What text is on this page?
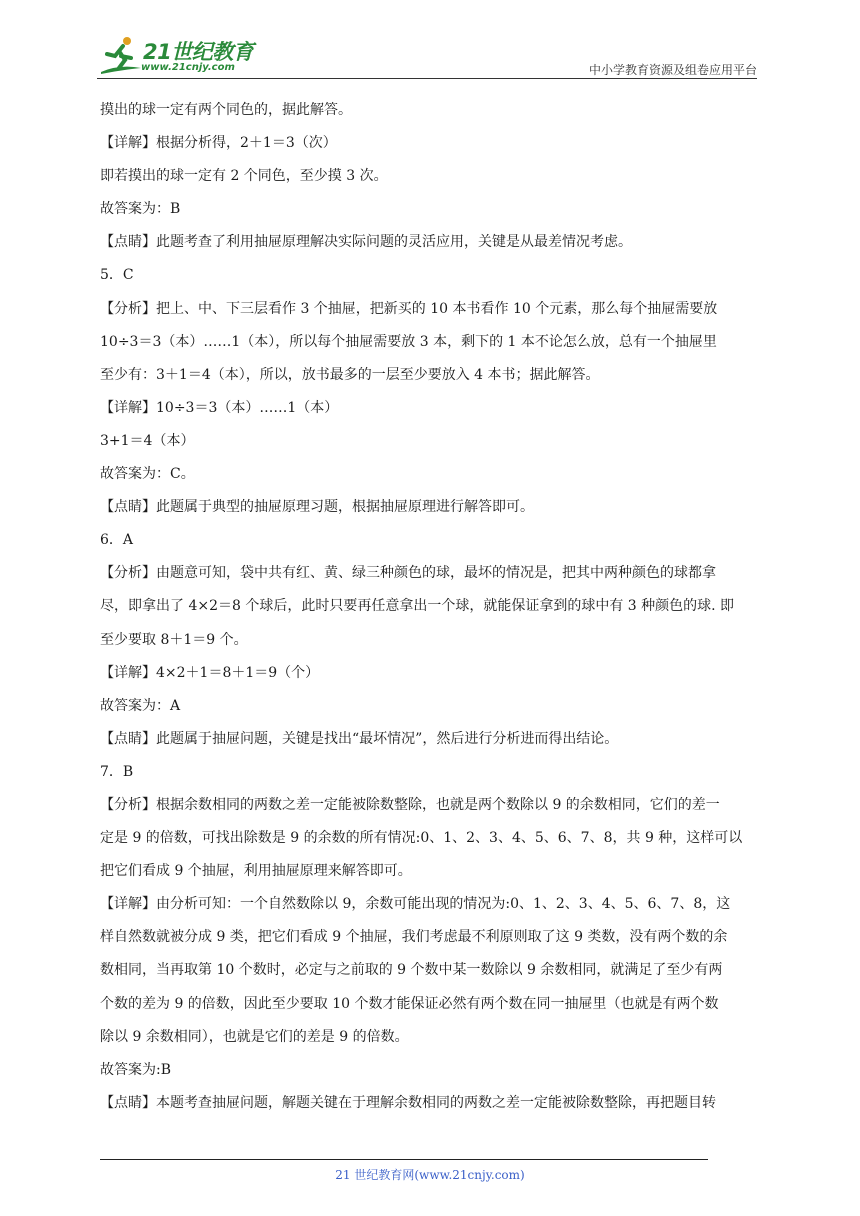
21世纪教育
www.21cnjy.com	中小学教育资源及组卷应用平台
摸出的球一定有两个同色的，据此解答。
【详解】根据分析得，2＋1＝3（次）
即若摸出的球一定有 2 个同色，至少摸 3 次。
故答案为：B
【点睛】此题考查了利用抽屉原理解决实际问题的灵活应用，关键是从最差情况考虑。
5．C
【分析】把上、中、下三层看作 3 个抽屉，把新买的 10 本书看作 10 个元素，那么每个抽屉需要放
10÷3＝3（本）……1（本），所以每个抽屉需要放 3 本，剩下的 1 本不论怎么放，总有一个抽屉里
至少有：3＋1＝4（本），所以，放书最多的一层至少要放入 4 本书；据此解答。
【详解】10÷3＝3（本）……1（本）
3+1＝4（本）
故答案为：C。
【点睛】此题属于典型的抽屉原理习题，根据抽屉原理进行解答即可。
6．A
【分析】由题意可知，袋中共有红、黄、绿三种颜色的球，最坏的情况是，把其中两种颜色的球都拿
尽，即拿出了 4×2＝8 个球后，此时只要再任意拿出一个球，就能保证拿到的球中有 3 种颜色的球. 即
至少要取 8＋1＝9 个。
【详解】4×2＋1＝8＋1＝9（个）
故答案为：A
【点睛】此题属于抽屉问题，关键是找出“最坏情况”，然后进行分析进而得出结论。
7．B
【分析】根据余数相同的两数之差一定能被除数整除，也就是两个数除以 9 的余数相同，它们的差一
定是 9 的倍数，可找出除数是 9 的余数的所有情况:0、1、2、3、4、5、6、7、8，共 9 种，这样可以
把它们看成 9 个抽屉，利用抽屉原理来解答即可。
【详解】由分析可知：一个自然数除以 9，余数可能出现的情况为:0、1、2、3、4、5、6、7、8，这
样自然数就被分成 9 类，把它们看成 9 个抽屉，我们考虑最不利原则取了这 9 类数，没有两个数的余
数相同，当再取第 10 个数时，必定与之前取的 9 个数中某一数除以 9 余数相同，就满足了至少有两
个数的差为 9 的倍数，因此至少要取 10 个数才能保证必然有两个数在同一抽屉里（也就是有两个数
除以 9 余数相同），也就是它们的差是 9 的倍数。
故答案为:B
【点睛】本题考查抽屉问题，解题关键在于理解余数相同的两数之差一定能被除数整除，再把题目转
21 世纪教育网(www.21cnjy.com)
